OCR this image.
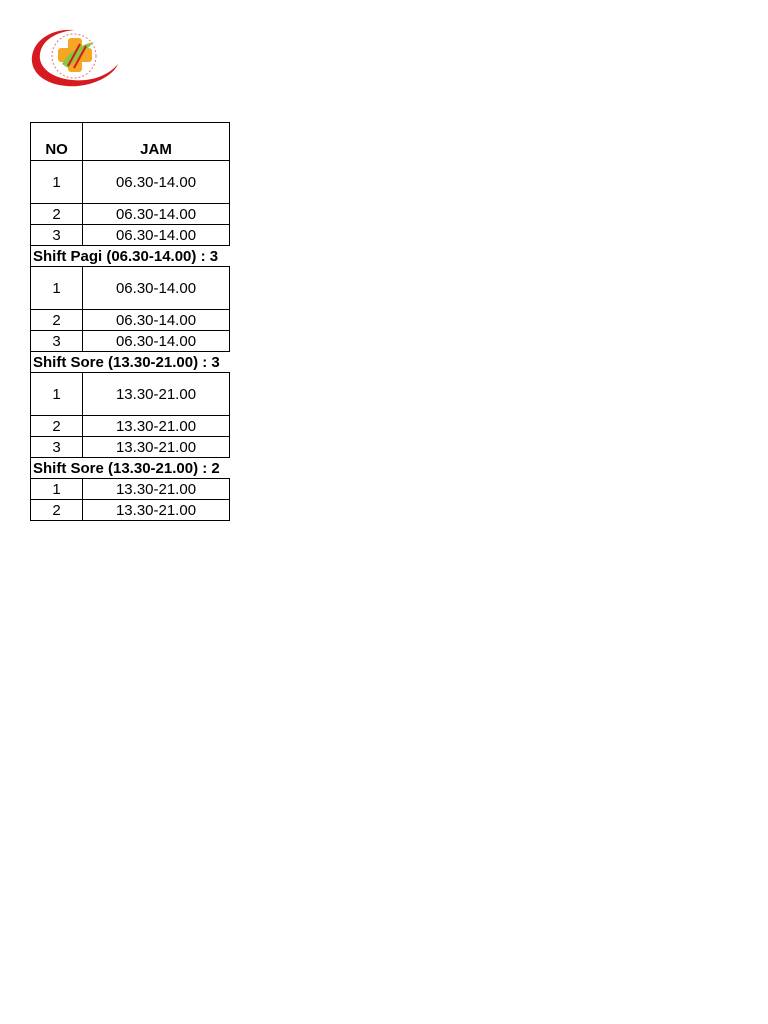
NO	JAM	
1	06.30-14.00	
2	06.30-14.00	
3	06.30-14.00	
Shift Pagi (06.30-14.00) : 3		
1	06.30-14.00	
2	06.30-14.00	
3	06.30-14.00	
Shift Sore (13.30-21.00) : 3		
1	13.30-21.00	
2	13.30-21.00	
3	13.30-21.00	
Shift Sore (13.30-21.00) : 2		
1	13.30-21.00	
2	13.30-21.00	
